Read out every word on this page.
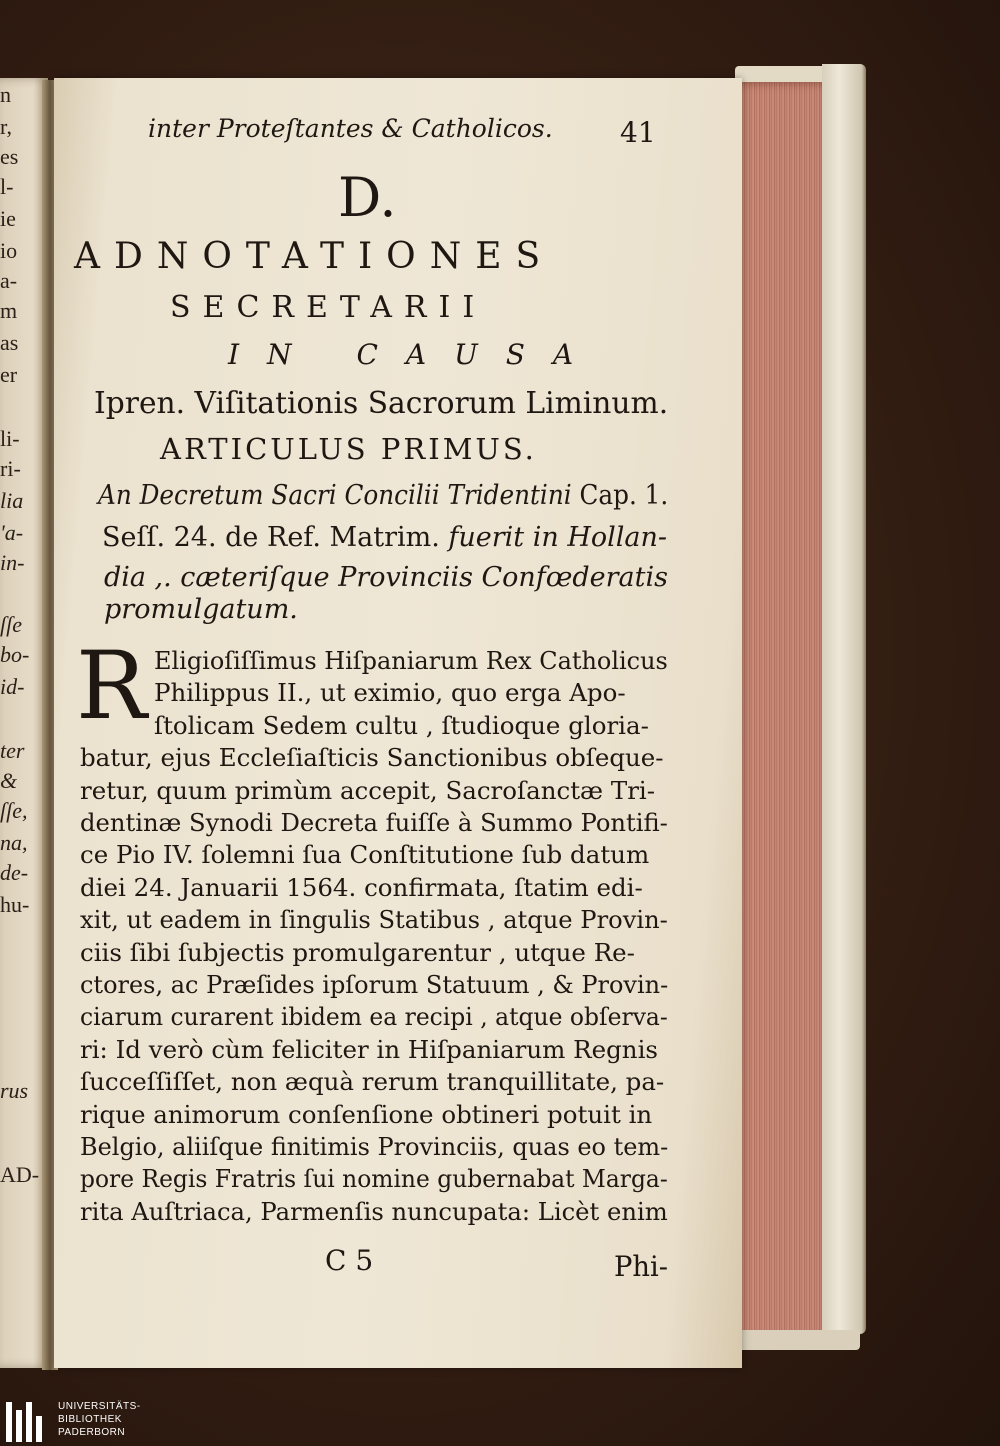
n
r,
es
l-
ie
io
a-
m
as
er
li-
ri-
lia
'a-
in-
ſſe
bo-
id-
ter
&
ſſe,
na,
de-
hu-
rus
AD-
inter Proteſtantes & Catholicos. 41
D.
ADNOTATIONES
SECRETARII
IN CAUSA
Ipren. Viſitationis Sacrorum Liminum.
ARTICULUS PRIMUS.
An Decretum Sacri Concilii Tridentini Cap. 1.
Seſſ. 24. de Ref. Matrim. fuerit in Hollan-
dia ,. cæteriſque Provinciis Confœderatis
promulgatum.
R Eligioſiſſimus Hiſpaniarum Rex Catholicus
Philippus II., ut eximio, quo erga Apo-
ſtolicam Sedem cultu , ſtudioque gloria-
batur, ejus Eccleſiaſticis Sanctionibus obſeque-
retur, quum primùm accepit, Sacroſanctæ Tri-
dentinæ Synodi Decreta fuiſſe à Summo Pontifi-
ce Pio IV. ſolemni ſua Conſtitutione ſub datum
diei 24. Januarii 1564. confirmata, ſtatim edi-
xit, ut eadem in ſingulis Statibus , atque Provin-
ciis ſibi ſubjectis promulgarentur , utque Re-
ctores, ac Præſides ipſorum Statuum , & Provin-
ciarum curarent ibidem ea recipi , atque obſerva-
ri: Id verò cùm feliciter in Hiſpaniarum Regnis
ſucceſſiſſet, non æquà rerum tranquillitate, pa-
rique animorum conſenſione obtineri potuit in
Belgio, aliiſque finitimis Provinciis, quas eo tem-
pore Regis Fratris ſui nomine gubernabat Marga-
rita Auſtriaca, Parmenſis nuncupata: Licèt enim
C 5	Phi-
UNIVERSITÄTS-
BIBLIOTHEK
PADERBORN
